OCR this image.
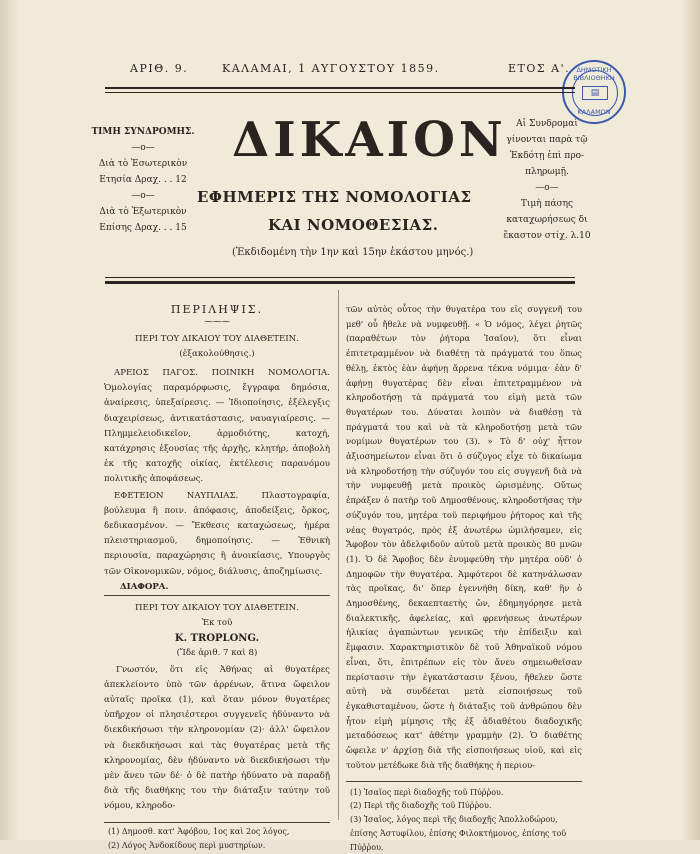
ΑΡΙΘ. 9.	ΚΑΛΑΜΑΙ, 1 ΑΥΓΟΥΣΤΟΥ 1859.	ΕΤΟΣ Α'. ΔΗΜΟΤΙΚΗ ΒΙΒΛΙΟΘΗΚΗ
▤
ΚΑΛΑΜΩΝ
ΤΙΜΗ ΣΥΝΔΡΟΜΗΣ.
—ο—
Διὰ τὸ Ἐσωτερικὸν
Ετησία Δραχ. . . 12
—ο—
Διὰ τὸ Ἐξωτερικὸν
Επίσης Δραχ. . . 15
ΔΙΚΑΙΟΝ
ΕΦΗΜΕΡΙΣ ΤΗΣ ΝΟΜΟΛΟΓΙΑΣ
ΚΑΙ ΝΟΜΟΘΕΣΙΑΣ.
(Ἐκδιδομένη τὴν 1ην καὶ 15ην ἑκάστου μηνός.)
Αἱ Συνδρομαὶ
γίνονται παρὰ τῷ
Ἐκδότῃ ἐπὶ προ-
πληρωμῇ.
—ο—
Τιμὴ πάσης
καταχωρήσεως δι
ἕκαστον στίχ. λ.10
ΠΕΡΙΛΗΨΙΣ.
⁓⁓⁓
ΠΕΡΙ ΤΟΥ ΔΙΚΑΙΟΥ ΤΟΥ ΔΙΑΘΕΤΕΙΝ.
(ἐξακολούθησις.)

ΑΡΕΙΟΣ ΠΑΓΟΣ. ΠΟΙΝΙΚΗ ΝΟΜΟΛΟΓΙΑ. Ὁμολογίας παραμόρφωσις, ἔγγραφα δημόσια, ἀναίρεσις, ὑπεξαίρεσις. — Ἰδιοποίησις, ἐξέλεγξις διαχειρίσεως, ἀντικατάστασις, ναυαγιαίρεσις. — Πλημμελειοδικεῖον, ἁρμοδιότης, κατοχή, κατάχρησις ἐξουσίας τῆς ἀρχῆς, κλητήρ, ἀποβολὴ ἐκ τῆς κατοχῆς οἰκίας, ἐκτέλεσις παρανόμου πολιτικῆς ἀποφάσεως.

ΕΦΕΤΕΙΟΝ ΝΑΥΠΛΙΑΣ. Πλαστογραφία, βούλευμα ἢ ποιν. ἀπόφασις, ἀποδείξεις, ὅρκος, δεδικασμένον. — Ἔκθεσις καταχώσεως, ἡμέρα πλειστηριασμοῦ, δημοποίησις. — Ἐθνικὴ περιουσία, παραχώρησις ἢ ἀνοικίασις, Υπουργὸς τῶν Οἰκονομικῶν, νόμος, διάλυσις, ἀποζημίωσις.

ΔΙΑΦΟΡΑ.
ΠΕΡΙ ΤΟΥ ΔΙΚΑΙΟΥ ΤΟΥ ΔΙΑΘΕΤΕΙΝ.
Ἐκ τοῦ
Κ. TROPLONG.
(Ἴδε ἀριθ. 7 καὶ 8)

Γνωστόν, ὅτι εἰς Ἀθήνας αἱ θυγατέρες ἀπεκλείοντο ὑπὸ τῶν ἀρρένων, ἅτινα ὤφειλον αὐταῖς προῖκα (1), καὶ ὅταν μόνον θυγατέρες ὑπῆρχον οἱ πλησιέστεροι συγγενεῖς ἠδύναντο νὰ διεκδικήσωσι τὴν κληρονομίαν (2)· ἀλλ' ὤφειλον νὰ διεκδικήσωσι καὶ τὰς θυγατέρας μετὰ τῆς κληρονομίας, δὲν ἠδύναντο νὰ διεκδικήσωσι τὴν μὲν ἄνευ τῶν δέ· ὁ δὲ πατὴρ ἠδύνατο νὰ παραδῇ διὰ τῆς διαθήκης του τὴν διάταξιν ταύτην τοῦ νόμου, κληροδο-

(1) Δημοσθ. κατ' Ἀφόβου, 1ος καὶ 2ος λόγος,
(2) Λόγος Ἀνδοκίδους περὶ μυστηρίων.

τῶν αὐτὸς οὗτος τὴν θυγατέρα του εἰς συγγενῆ του μεθ' οὗ ἤθελε νὰ νυμφευθῇ. « Ὁ νόμος, λέγει ῥητῶς (παραθέτων τὸν ῥήτορα Ἰσαῖον), ὅτι εἶναι ἐπιτετραμμένον νὰ διαθέτῃ τὰ πράγματά του ὅπως θέλῃ, ἐκτὸς ἐὰν ἀφήνῃ ἄρρενα τέκνα νόμιμα· ἐὰν δ' ἀφήνῃ θυγατέρας δὲν εἶναι ἐπιτετραμμένον νὰ κληροδοτήσῃ τὰ πράγματά του εἰμὴ μετὰ τῶν θυγατέρων του. Δύναται λοιπὸν νὰ διαθέσῃ τὰ πράγματά του καὶ νὰ τὰ κληροδοτήσῃ μετὰ τῶν νομίμων θυγατέρων του (3). » Τὸ δ' οὐχ' ἧττον ἀξιοσημείωτον εἶναι ὅτι ὁ σύζυγος εἶχε τὸ δικαίωμα νὰ κληροδοτήσῃ τὴν σύζυγόν του εἰς συγγενῆ διὰ νὰ τὴν νυμφευθῇ μετὰ προικὸς ὡρισμένης. Οὕτως ἐπράξεν ὁ πατὴρ τοῦ Δημοσθένους, κληροδοτήσας τὴν σύζυγόν του, μητέρα τοῦ περιφήμου ῥήτορος καὶ τῆς νέας θυγατρός, πρὸς ἐξ ἀνωτέρω ὡμιλήσαμεν, εἰς Ἄφοβον τὸν ἀδελφιδοῦν αὐτοῦ μετὰ προικὸς 80 μνῶν (1). Ὁ δὲ Ἄφοβος δὲν ἐνυμφεύθη τὴν μητέρα οὐδ' ὁ Δημοφῶν τὴν θυγατέρα. Ἀμφότεροι δὲ κατηνάλωσαν τὰς προῖκας, δι' ὅπερ ἐγεννήθη δίκη, καθ' ἣν ὁ Δημοσθένης, δεκαεπταετὴς ὤν, ἐδημηγόρησε μετὰ διαλεκτικῆς, ἀφελείας, καὶ φρενήσεως ἀνωτέρων ἡλικίας ἀγαπώντων γενικῶς τὴν ἐπίδειξιν καὶ ἔμφασιν. Χαρακτηριστικὸν δὲ τοῦ Ἀθηναϊκοῦ νόμου εἶναι, ὅτι, ἐπιτρέπων εἰς τὸν ἄνευ σημειωθεῖσαν περίστασιν τὴν ἐγκατάστασιν ξένου, ἤθελεν ὥστε αὐτὴ νὰ συνδέεται μετὰ εἰσποιήσεως τοῦ ἐγκαθισταμένου, ὥστε ἡ διάταξις τοῦ ἀνθρώπου δὲν ἦτον εἰμὴ μίμησις τῆς ἐξ ἀδιαθέτου διαδοχικῆς μεταδόσεως κατ' ἀθέτην γραμμὴν (2). Ὁ διαθέτης ὤφειλε ν' ἀρχίσῃ διὰ τῆς εἰσποιήσεως υἱοῦ, καὶ εἰς τοῦτον μετέδωκε διὰ τῆς διαθήκης ἡ περιου-

(1) Ἰσαῖος περὶ διαδοχῆς τοῦ Πύῤῥου.
(2) Περὶ τῆς διαδοχῆς τοῦ Πύῤῥου.
(3) Ἰσαῖος, λόγος περὶ τῆς διαδοχῆς Ἀπολλοδώρου, ἐπίσης Ἀστυφίλου, ἐπίσης Φιλοκτήμονος, ἐπίσης τοῦ Πύῤῥου.
